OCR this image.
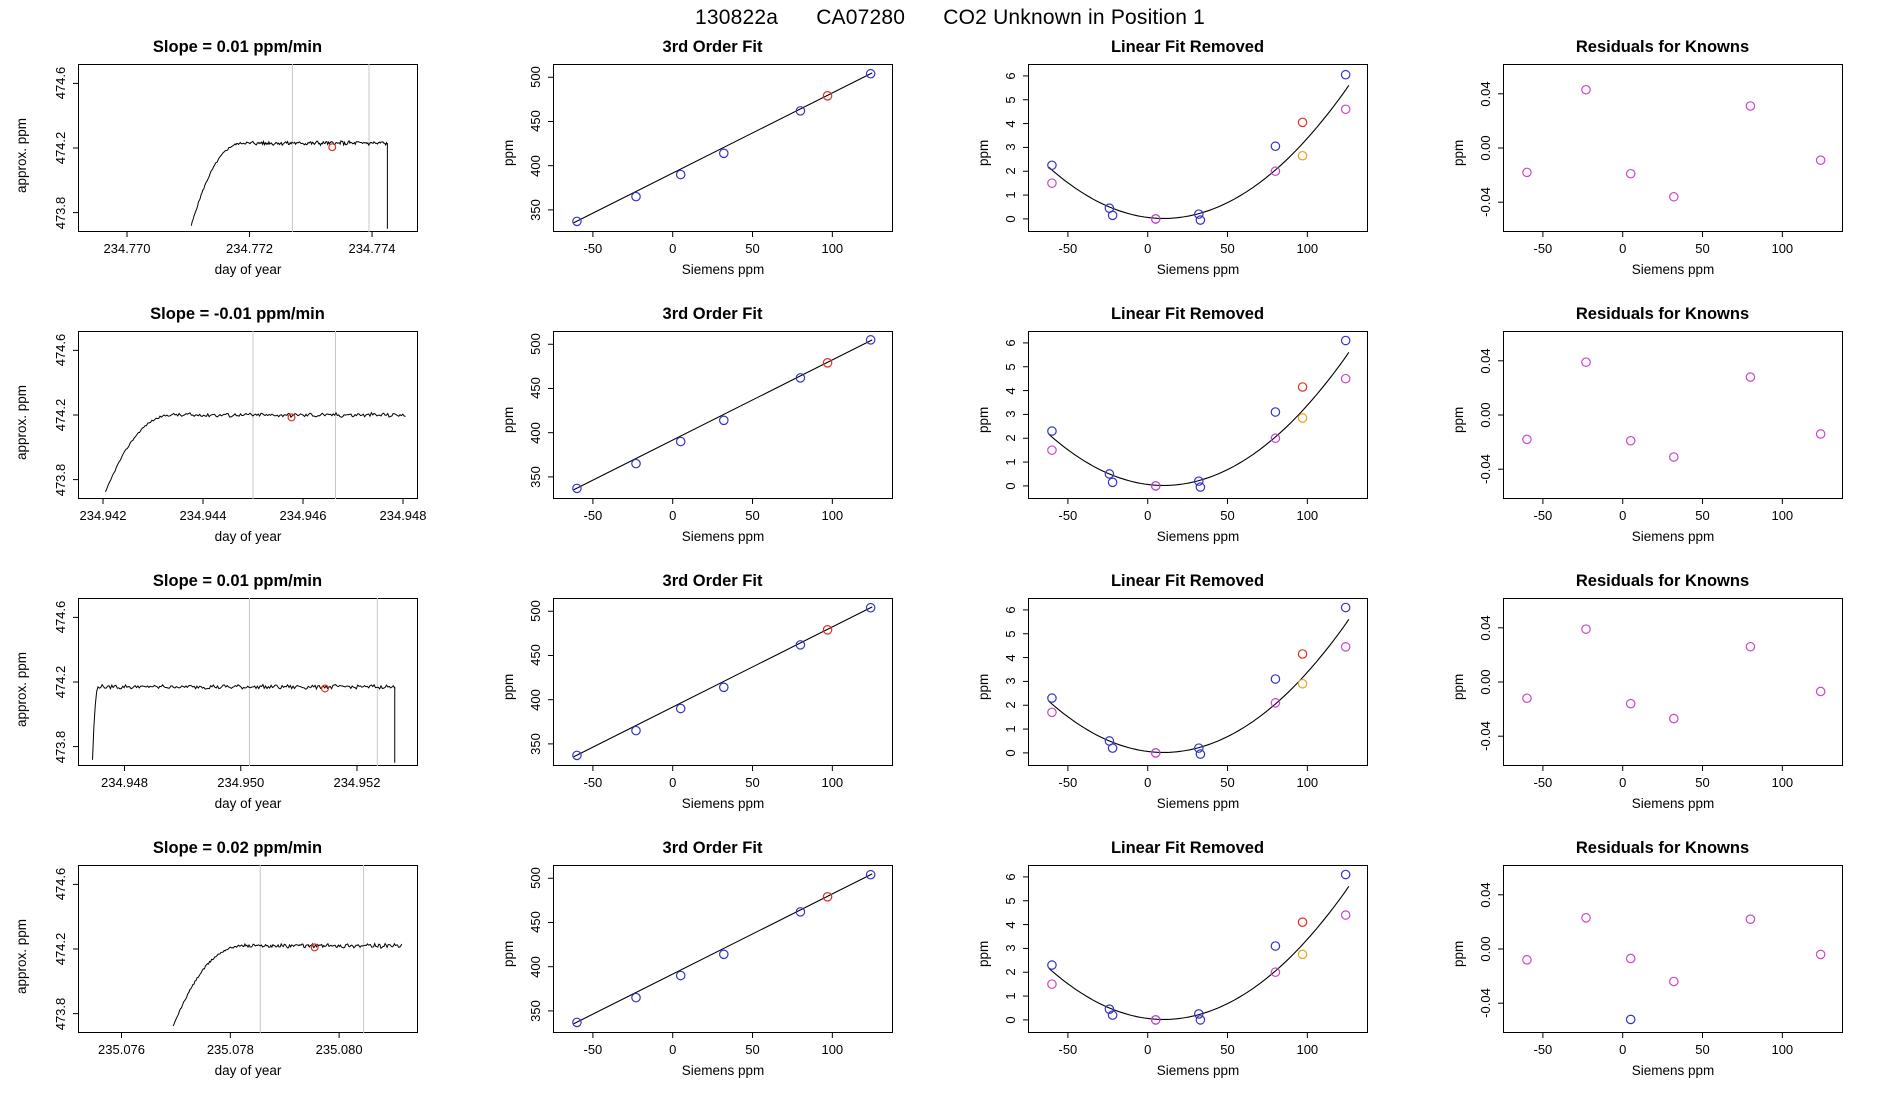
130822a CA07280 CO2 Unknown in Position 1
Slope = 0.01 ppm/min
234.770	234.772	234.774
473.8
474.2
474.6
day of year
approx. ppm
3rd Order Fit
-50	0	50	100
350
400
450
500
Siemens ppm
ppm
Linear Fit Removed
-50	0	50	100
0
1
2
3
4
5
6
Siemens ppm
ppm
Residuals for Knowns
-50	0	50	100
-0.04
0.00
0.04
Siemens ppm
ppm
Slope = -0.01 ppm/min
234.942	234.944	234.946	234.948
473.8
474.2
474.6
day of year
approx. ppm
3rd Order Fit
-50	0	50	100
350
400
450
500
Siemens ppm
ppm
Linear Fit Removed
-50	0	50	100
0
1
2
3
4
5
6
Siemens ppm
ppm
Residuals for Knowns
-50	0	50	100
-0.04
0.00
0.04
Siemens ppm
ppm
Slope = 0.01 ppm/min
234.948	234.950	234.952
473.8
474.2
474.6
day of year
approx. ppm
3rd Order Fit
-50	0	50	100
350
400
450
500
Siemens ppm
ppm
Linear Fit Removed
-50	0	50	100
0
1
2
3
4
5
6
Siemens ppm
ppm
Residuals for Knowns
-50	0	50	100
-0.04
0.00
0.04
Siemens ppm
ppm
Slope = 0.02 ppm/min
235.076	235.078	235.080
473.8
474.2
474.6
day of year
approx. ppm
3rd Order Fit
-50	0	50	100
350
400
450
500
Siemens ppm
ppm
Linear Fit Removed
-50	0	50	100
0
1
2
3
4
5
6
Siemens ppm
ppm
Residuals for Knowns
-50	0	50	100
-0.04
0.00
0.04
Siemens ppm
ppm
